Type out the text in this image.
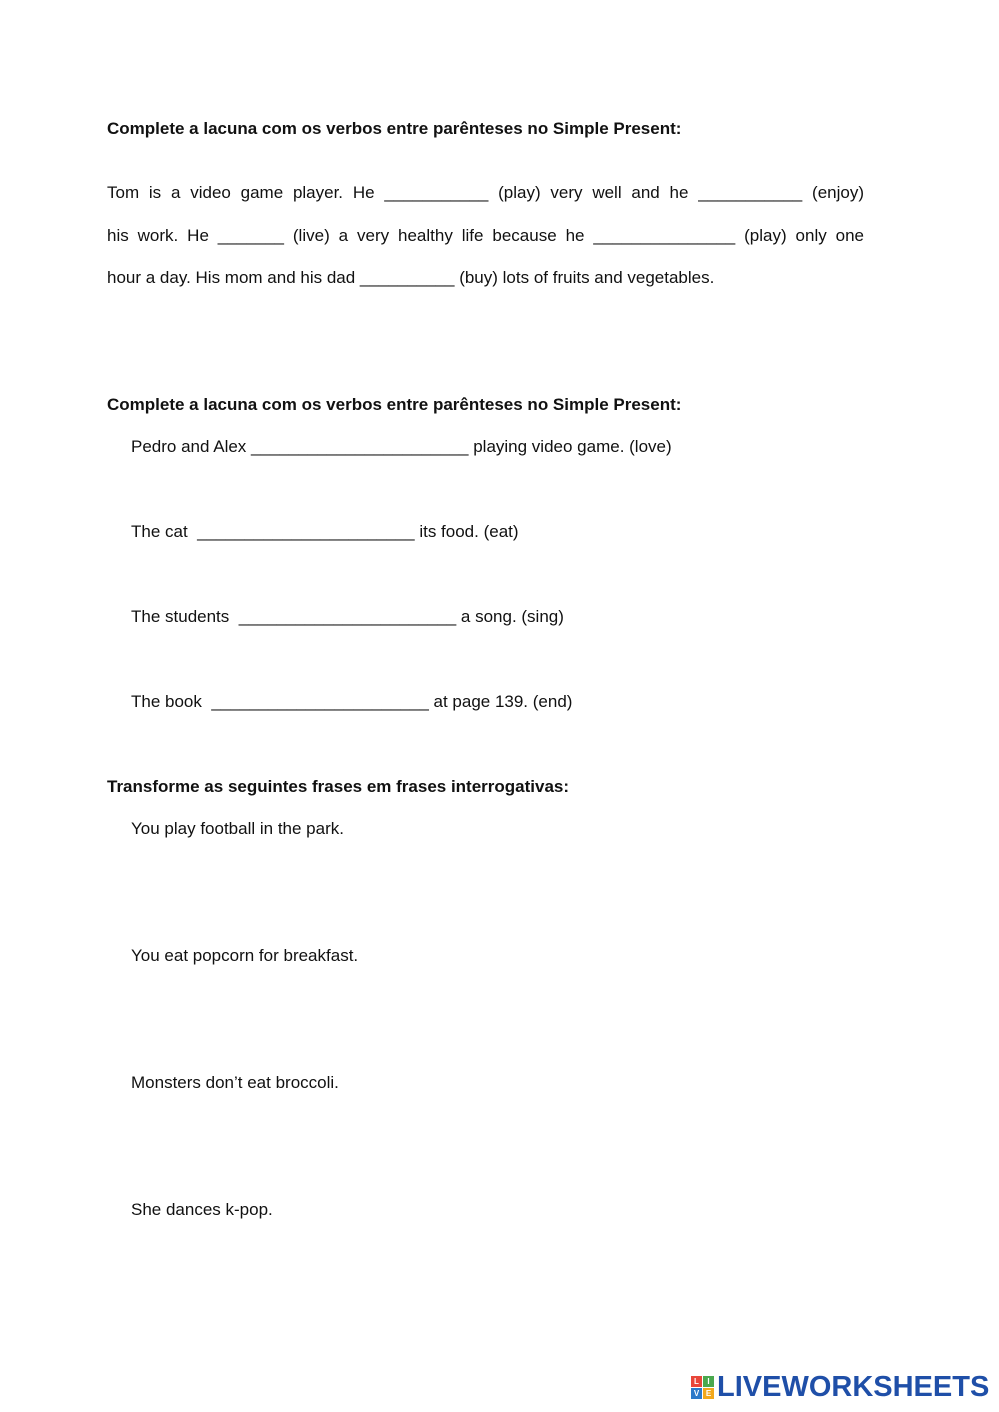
Complete a lacuna com os verbos entre parênteses no Simple Present:
Tom is a video game player. He ___________ (play) very well and he ___________ (enjoy)
his work. He _______ (live) a very healthy life because he _______________ (play) only one
hour a day. His mom and his dad __________ (buy) lots of fruits and vegetables.
Complete a lacuna com os verbos entre parênteses no Simple Present:
Pedro and Alex _______________________ playing video game. (love)
The cat  _______________________ its food. (eat)
The students  _______________________ a song. (sing)
The book  _______________________ at page 139. (end)
Transforme as seguintes frases em frases interrogativas:
You play football in the park.
You eat popcorn for breakfast.
Monsters don’t eat broccoli.
She dances k-pop.
L	I
V E LIVEWORKSHEETS
